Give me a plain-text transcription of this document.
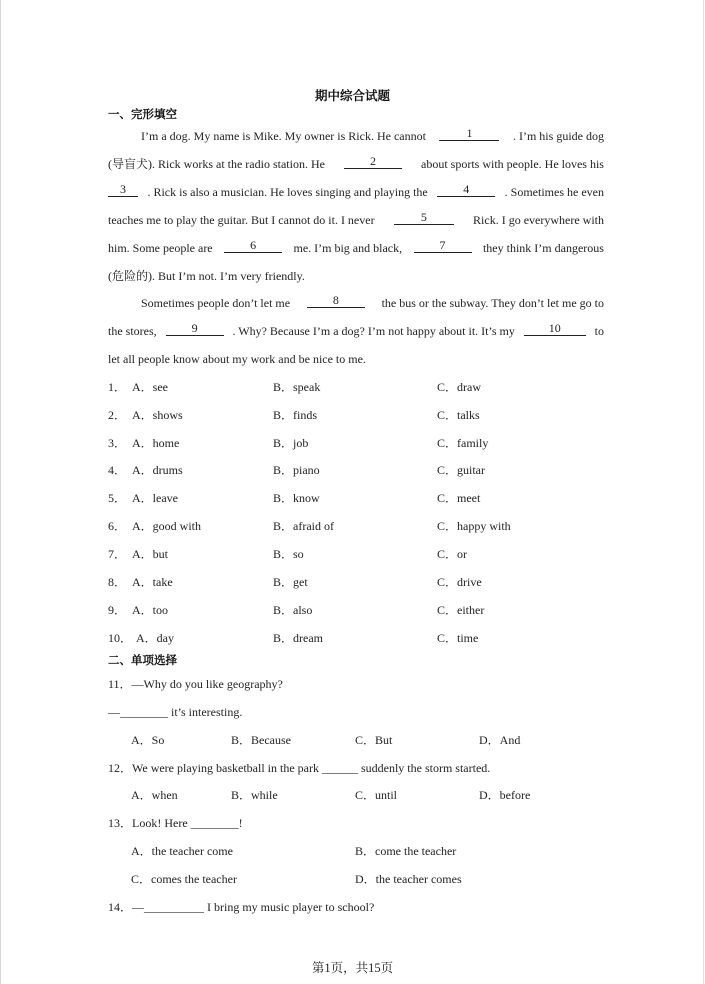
期中综合试题
一、完形填空
I’m a dog. My name is Mike. My owner is Rick. He cannot	1	. I’m his guide dog
(导盲犬). Rick works at the radio station. He	2	about sports with people. He loves his
3	. Rick is also a musician. He loves singing and playing the	4	. Sometimes he even
teaches me to play the guitar. But I cannot do it. I never	5	Rick. I go everywhere with
him. Some people are	6	me. I’m big and black,	7	they think I’m dangerous
(危险的). But I’m not. I’m very friendly.
Sometimes people don’t let me	8	the bus or the subway. They don’t let me go to
the stores,	9	. Why? Because I’m a dog? I’m not happy about it. It’s my	10	to
let all people know about my work and be nice to me.
1． A．see	B．speak	C．draw
2． A．shows	B．finds	C．talks
3． A．home	B．job	C．family
4． A．drums	B．piano	C．guitar
5． A．leave	B．know	C．meet
6． A．good with	B．afraid of	C．happy with
7． A．but	B．so	C．or
8． A．take	B．get	C．drive
9． A．too	B．also	C．either
10． A．day	B．dream	C．time
二、单项选择
11．—Why do you like geography?
—________ it’s interesting.
A．So	B．Because	C．But	D．And
12．We were playing basketball in the park ______ suddenly the storm started.
A．when	B．while	C．until	D．before
13．Look! Here ________!
A．the teacher come	B．come the teacher
C．comes the teacher	D．the teacher comes
14．—__________ I bring my music player to school?
第1页，共15页
